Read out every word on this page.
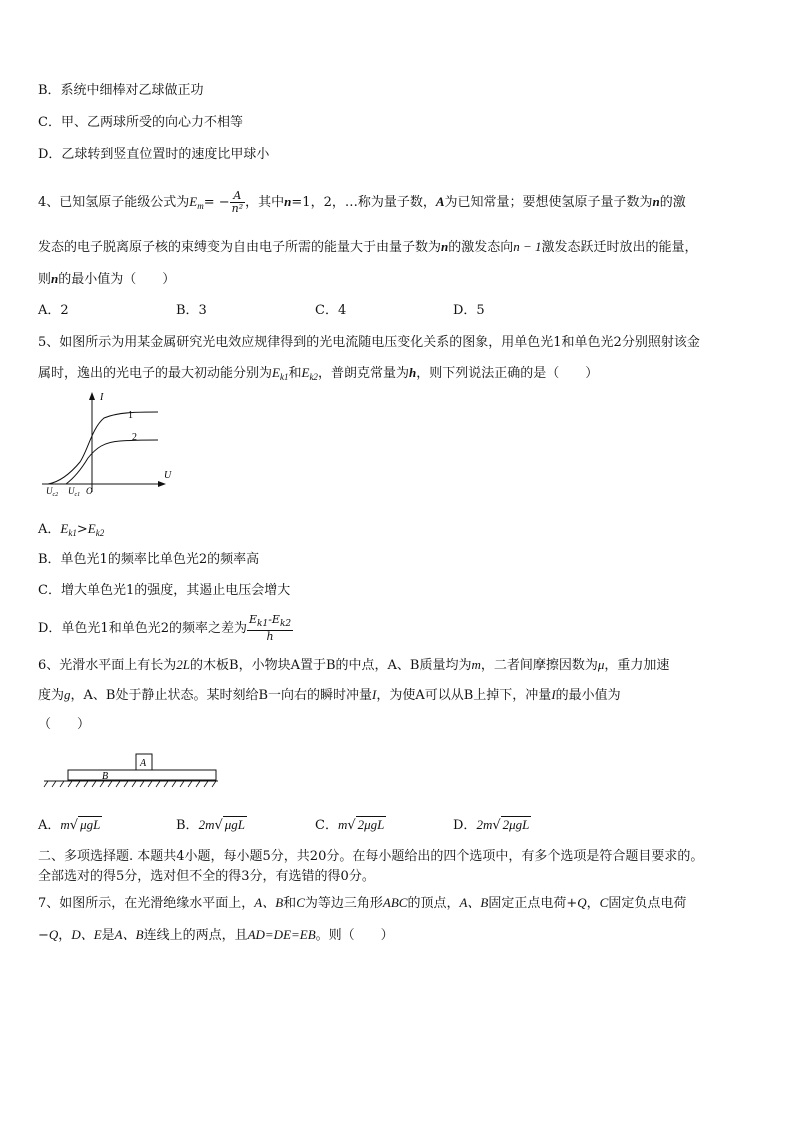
B．系统中细棒对乙球做正功
C．甲、乙两球所受的向心力不相等
D．乙球转到竖直位置时的速度比甲球小
4、已知氢原子能级公式为$E_m= - \frac{A}{\text{n²}}$ ，其中n=1，2，…称为量子数，A为已知常量；要想使氢原子量子数为n的激
发态的电子脱离原子核的束缚变为自由电子所需的能量大于由量子数为n的激发态向n − 1激发态跃迁时放出的能量，
则n的最小值为（　　）
A．2	B．3	C．4	D．5
5、如图所示为用某金属研究光电效应规律得到的光电流随电压变化关系的图象，用单色光1和单色光2分别照射该金
属时，逸出的光电子的最大初动能分别为$E_{k1}$和$E_{k2}$，普朗克常量为h，则下列说法正确的是（　　）
I
U
1
2
$U_{c2}$ $U_{c1}$ O
A．$E_{k1}>E_{k2}$
B．单色光1的频率比单色光2的频率高
C．增大单色光1的强度，其遏止电压会增大
D．单色光1和单色光2的频率之差为 $\frac{E_{k1}-E_{k2}}{h}$
6、光滑水平面上有长为2L的木板B，小物块A置于B的中点，A、B质量均为m，二者间摩擦因数为μ，重力加速
度为g，A、B处于静止状态。某时刻给B一向右的瞬时冲量I，为使A可以从B上掉下，冲量I的最小值为
（　　）
A
B
A．m√ μgL	B．2m√ μgL	C．m√ 2μgL	D．2m√ 2μgL
二、多项选择题. 本题共4小题，每小题5分，共20分。在每小题给出的四个选项中，有多个选项是符合题目要求的。
全部选对的得5分，选对但不全的得3分，有选错的得0分。
7、如图所示，在光滑绝缘水平面上，A、B和C为等边三角形ABC的顶点，A、B固定正点电荷+Q，C固定负点电荷
−Q，D、E是A、B连线上的两点，且AD=DE=EB。则（　　）
